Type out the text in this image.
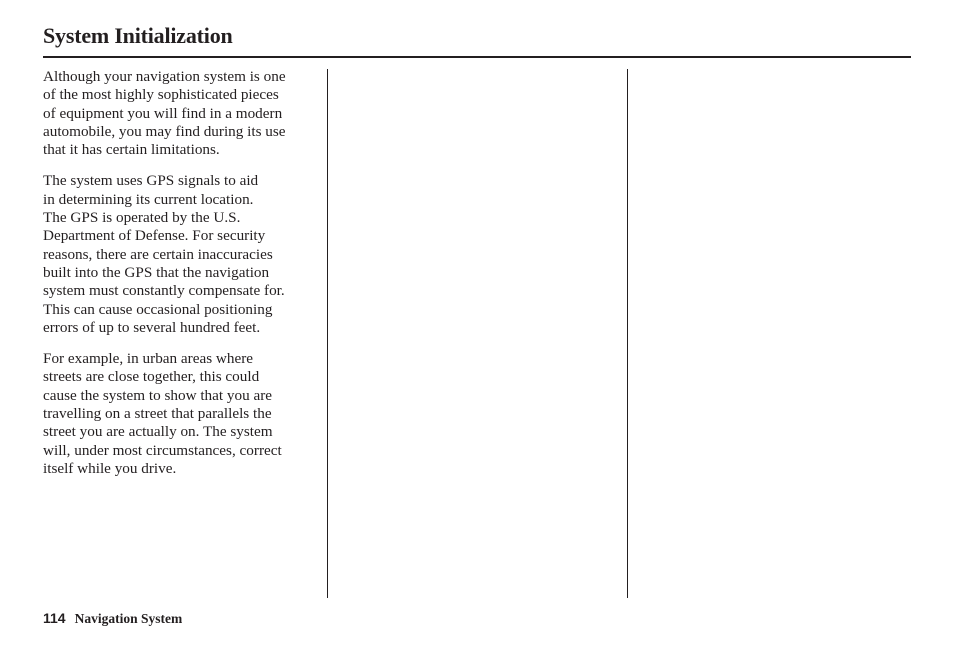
System Initialization

Although your navigation system is one
of the most highly sophisticated pieces
of equipment you will find in a modern
automobile, you may find during its use
that it has certain limitations.

The system uses GPS signals to aid
in determining its current location.
The GPS is operated by the U.S.
Department of Defense. For security
reasons, there are certain inaccuracies
built into the GPS that the navigation
system must constantly compensate for.
This can cause occasional positioning
errors of up to several hundred feet.

For example, in urban areas where
streets are close together, this could
cause the system to show that you are
travelling on a street that parallels the
street you are actually on. The system
will, under most circumstances, correct
itself while you drive.

114 Navigation System
